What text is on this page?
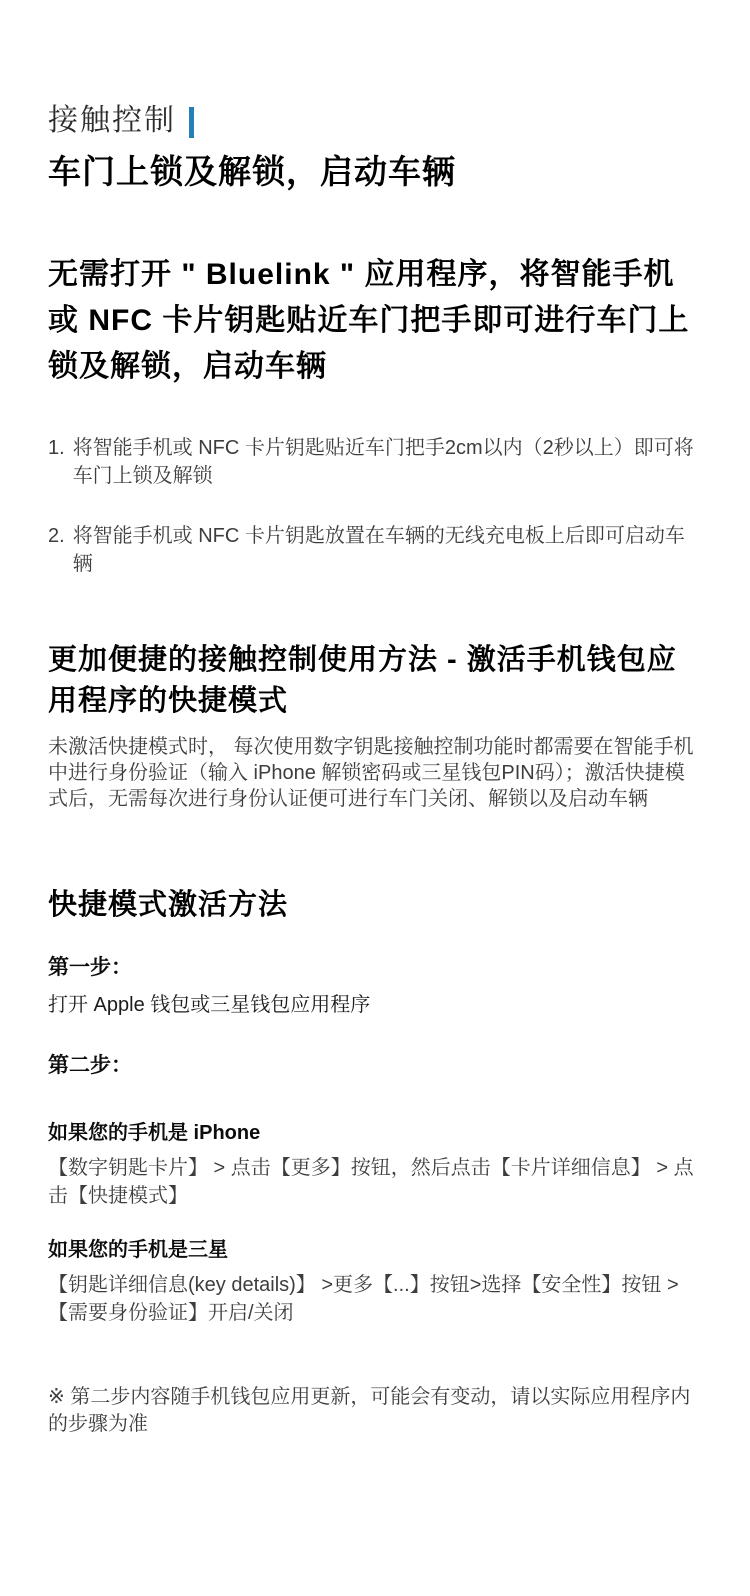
接触控制
车门上锁及解锁，启动车辆

无需打开 " Bluelink " 应用程序，将智能手机或 NFC 卡片钥匙贴近车门把手即可进行车门上锁及解锁，启动车辆

1. 将智能手机或 NFC 卡片钥匙贴近车门把手2cm以内（2秒以上）即可将车门上锁及解锁
2. 将智能手机或 NFC 卡片钥匙放置在车辆的无线充电板上后即可启动车辆
更加便捷的接触控制使用方法 - 激活手机钱包应用程序的快捷模式

未激活快捷模式时， 每次使用数字钥匙接触控制功能时都需要在智能手机中进行身份验证（输入 iPhone 解锁密码或三星钱包PIN码）；激活快捷模式后，无需每次进行身份认证便可进行车门关闭、解锁以及启动车辆

快捷模式激活方法
第一步：
打开 Apple 钱包或三星钱包应用程序
第二步：
如果您的手机是 iPhone

【数字钥匙卡片】 > 点击【更多】按钮，然后点击【卡片详细信息】 > 点击【快捷模式】

如果您的手机是三星

【钥匙详细信息(key details)】 >更多【...】按钮>选择【安全性】按钮 > 【需要身份验证】开启/关闭

※ 第二步内容随手机钱包应用更新，可能会有变动，请以实际应用程序内的步骤为准
